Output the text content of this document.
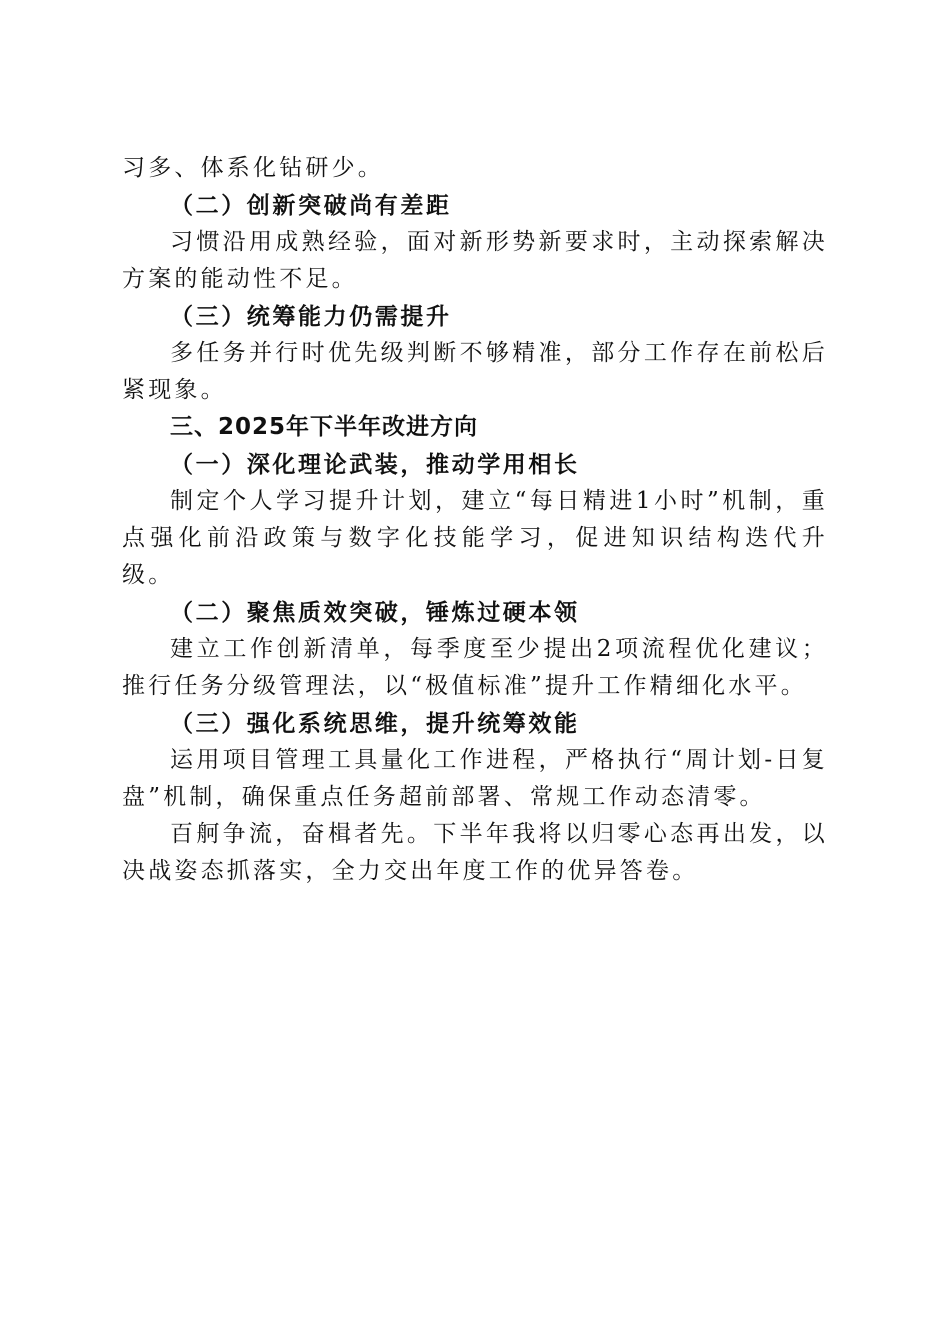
习多、体系化钻研少。

（二）创新突破尚有差距

习惯沿用成熟经验，面对新形势新要求时，主动探索解决方案的能动性不足。

（三）统筹能力仍需提升

多任务并行时优先级判断不够精准，部分工作存在前松后紧现象。

三、2025年下半年改进方向

（一）深化理论武装，推动学用相长

制定个人学习提升计划，建立“每日精进1小时”机制，重点强化前沿政策与数字化技能学习，促进知识结构迭代升级。

（二）聚焦质效突破，锤炼过硬本领

建立工作创新清单，每季度至少提出2项流程优化建议；推行任务分级管理法，以“极值标准”提升工作精细化水平。

（三）强化系统思维，提升统筹效能

运用项目管理工具量化工作进程，严格执行“周计划-日复盘”机制，确保重点任务超前部署、常规工作动态清零。

百舸争流，奋楫者先。下半年我将以归零心态再出发，以决战姿态抓落实，全力交出年度工作的优异答卷。
